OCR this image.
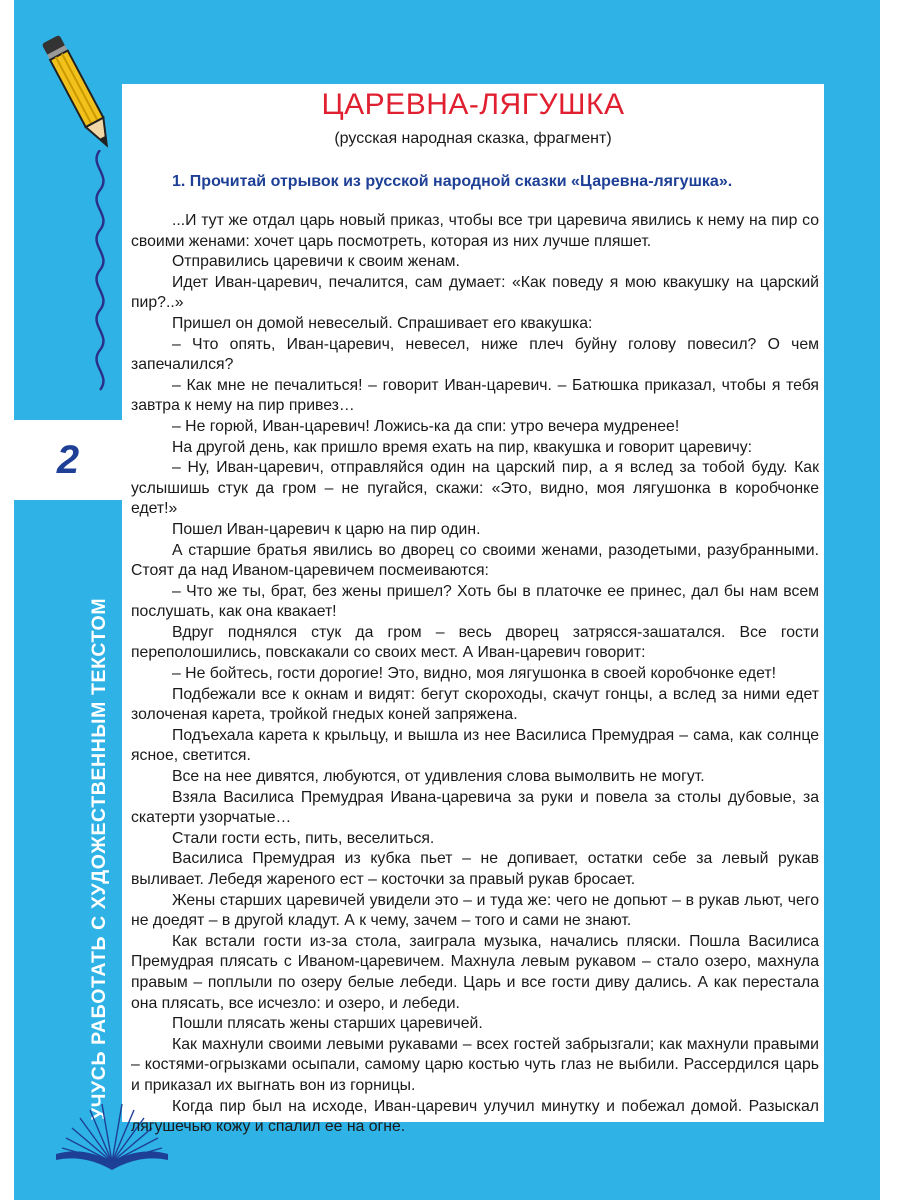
2
УЧУСЬ РАБОТАТЬ С ХУДОЖЕСТВЕННЫМ ТЕКСТОМ
ЦАРЕВНА-ЛЯГУШКА
(русская народная сказка, фрагмент)
1. Прочитай отрывок из русской народной сказки «Царевна-лягушка».

...И тут же отдал царь новый приказ, чтобы все три царевича явились к нему на пир со своими женами: хочет царь посмотреть, которая из них лучше пляшет.

Отправились царевичи к своим женам.

Идет Иван-царевич, печалится, сам думает: «Как поведу я мою квакушку на царский пир?..»

Пришел он домой невеселый. Спрашивает его квакушка:

– Что опять, Иван-царевич, невесел, ниже плеч буйну голову повесил? О чем запечалился?

– Как мне не печалиться! – говорит Иван-царевич. – Батюшка приказал, чтобы я тебя завтра к нему на пир привез…

– Не горюй, Иван-царевич! Ложись-ка да спи: утро вечера мудренее!

На другой день, как пришло время ехать на пир, квакушка и говорит царевичу:

– Ну, Иван-царевич, отправляйся один на царский пир, а я вслед за тобой буду. Как услышишь стук да гром – не пугайся, скажи: «Это, видно, моя лягушонка в коробчонке едет!»

Пошел Иван-царевич к царю на пир один.

А старшие братья явились во дворец со своими женами, разодетыми, разубранными. Стоят да над Иваном-царевичем посмеиваются:

– Что же ты, брат, без жены пришел? Хоть бы в платочке ее принес, дал бы нам всем послушать, как она квакает!

Вдруг поднялся стук да гром – весь дворец затрясся-зашатался. Все гости переполошились, повскакали со своих мест. А Иван-царевич говорит:

– Не бойтесь, гости дорогие! Это, видно, моя лягушонка в своей коробчонке едет!

Подбежали все к окнам и видят: бегут скороходы, скачут гонцы, а вслед за ними едет золоченая карета, тройкой гнедых коней запряжена.

Подъехала карета к крыльцу, и вышла из нее Василиса Премудрая – сама, как солнце ясное, светится.

Все на нее дивятся, любуются, от удивления слова вымолвить не могут.

Взяла Василиса Премудрая Ивана-царевича за руки и повела за столы дубовые, за скатерти узорчатые…

Стали гости есть, пить, веселиться.

Василиса Премудрая из кубка пьет – не допивает, остатки себе за левый рукав выливает. Лебедя жареного ест – косточки за правый рукав бросает.

Жены старших царевичей увидели это – и туда же: чего не допьют – в рукав льют, чего не доедят – в другой кладут. А к чему, зачем – того и сами не знают.

Как встали гости из-за стола, заиграла музыка, начались пляски. Пошла Василиса Премудрая плясать с Иваном-царевичем. Махнула левым рукавом – стало озеро, махнула правым – поплыли по озеру белые лебеди. Царь и все гости диву дались. А как перестала она плясать, все исчезло: и озеро, и лебеди.

Пошли плясать жены старших царевичей.

Как махнули своими левыми рукавами – всех гостей забрызгали; как махнули правыми – костями-огрызками осыпали, самому царю костью чуть глаз не выбили. Рассердился царь и приказал их выгнать вон из горницы.

Когда пир был на исходе, Иван-царевич улучил минутку и побежал домой. Разыскал лягушечью кожу и спалил ее на огне.
